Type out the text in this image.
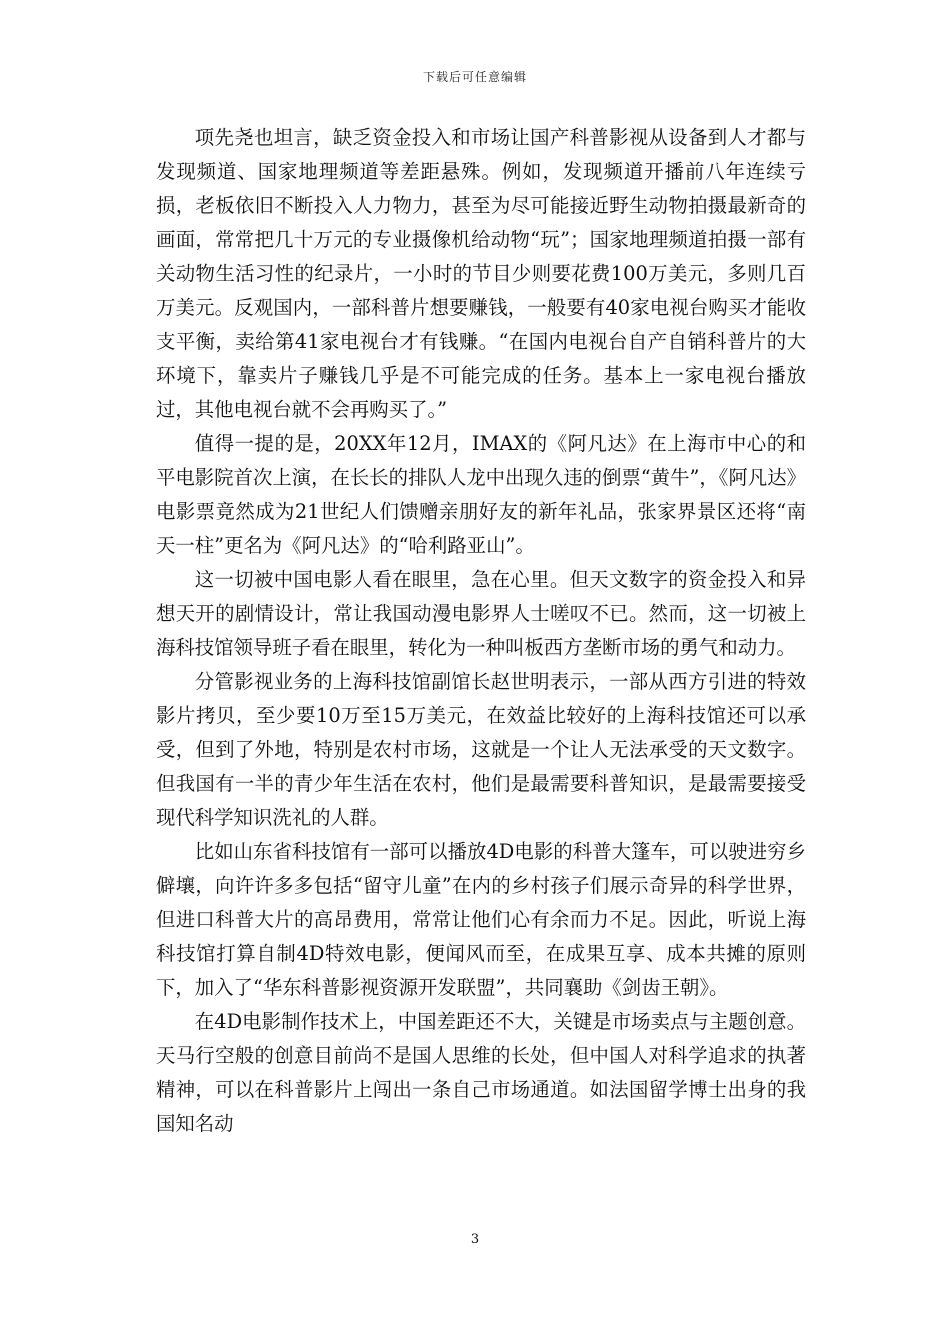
下载后可任意编辑

项先尧也坦言，缺乏资金投入和市场让国产科普影视从设备到人才都与发现频道、国家地理频道等差距悬殊。例如，发现频道开播前八年连续亏损，老板依旧不断投入人力物力，甚至为尽可能接近野生动物拍摄最新奇的画面，常常把几十万元的专业摄像机给动物“玩”；国家地理频道拍摄一部有关动物生活习性的纪录片，一小时的节目少则要花费100万美元，多则几百万美元。反观国内，一部科普片想要赚钱，一般要有40家电视台购买才能收支平衡，卖给第41家电视台才有钱赚。“在国内电视台自产自销科普片的大环境下，靠卖片子赚钱几乎是不可能完成的任务。基本上一家电视台播放过，其他电视台就不会再购买了。”

值得一提的是，20XX年12月，IMAX的《阿凡达》在上海市中心的和平电影院首次上演，在长长的排队人龙中出现久违的倒票“黄牛”，《阿凡达》电影票竟然成为21世纪人们馈赠亲朋好友的新年礼品，张家界景区还将“南天一柱”更名为《阿凡达》的“哈利路亚山”。

这一切被中国电影人看在眼里，急在心里。但天文数字的资金投入和异想天开的剧情设计，常让我国动漫电影界人士嗟叹不已。然而，这一切被上海科技馆领导班子看在眼里，转化为一种叫板西方垄断市场的勇气和动力。

分管影视业务的上海科技馆副馆长赵世明表示，一部从西方引进的特效影片拷贝，至少要10万至15万美元，在效益比较好的上海科技馆还可以承受，但到了外地，特别是农村市场，这就是一个让人无法承受的天文数字。但我国有一半的青少年生活在农村，他们是最需要科普知识，是最需要接受现代科学知识洗礼的人群。

比如山东省科技馆有一部可以播放4D电影的科普大篷车，可以驶进穷乡僻壤，向许许多多包括“留守儿童”在内的乡村孩子们展示奇异的科学世界，但进口科普大片的高昂费用，常常让他们心有余而力不足。因此，听说上海科技馆打算自制4D特效电影，便闻风而至，在成果互享、成本共摊的原则下，加入了“华东科普影视资源开发联盟”，共同襄助《剑齿王朝》。

在4D电影制作技术上，中国差距还不大，关键是市场卖点与主题创意。天马行空般的创意目前尚不是国人思维的长处，但中国人对科学追求的执著精神，可以在科普影片上闯出一条自己市场通道。如法国留学博士出身的我国知名动

3
